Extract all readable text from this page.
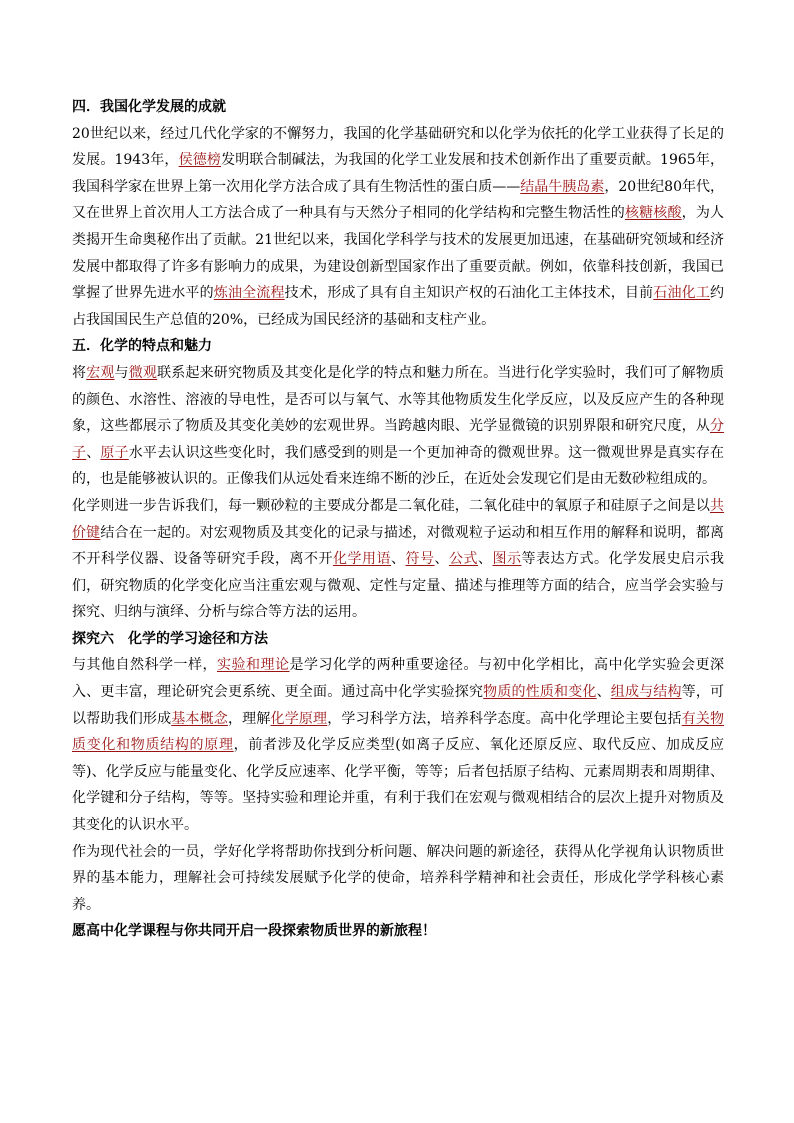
四．我国化学发展的成就

20世纪以来，经过几代化学家的不懈努力，我国的化学基础研究和以化学为依托的化学工业获得了长足的发展。1943年，侯德榜发明联合制碱法，为我国的化学工业发展和技术创新作出了重要贡献。1965年，我国科学家在世界上第一次用化学方法合成了具有生物活性的蛋白质——结晶牛胰岛素，20世纪80年代，又在世界上首次用人工方法合成了一种具有与天然分子相同的化学结构和完整生物活性的核糖核酸，为人类揭开生命奥秘作出了贡献。21世纪以来，我国化学科学与技术的发展更加迅速，在基础研究领域和经济发展中都取得了许多有影响力的成果，为建设创新型国家作出了重要贡献。例如，依靠科技创新，我国已掌握了世界先进水平的炼油全流程技术，形成了具有自主知识产权的石油化工主体技术，目前石油化工约占我国国民生产总值的20%，已经成为国民经济的基础和支柱产业。

五．化学的特点和魅力

将宏观与微观联系起来研究物质及其变化是化学的特点和魅力所在。当进行化学实验时，我们可了解物质的颜色、水溶性、溶液的导电性，是否可以与氧气、水等其他物质发生化学反应，以及反应产生的各种现象，这些都展示了物质及其变化美妙的宏观世界。当跨越肉眼、光学显微镜的识别界限和研究尺度，从分子、原子水平去认识这些变化时，我们感受到的则是一个更加神奇的微观世界。这一微观世界是真实存在的，也是能够被认识的。正像我们从远处看来连绵不断的沙丘，在近处会发现它们是由无数砂粒组成的。

化学则进一步告诉我们，每一颗砂粒的主要成分都是二氧化硅，二氧化硅中的氧原子和硅原子之间是以共价键结合在一起的。对宏观物质及其变化的记录与描述，对微观粒子运动和相互作用的解释和说明，都离不开科学仪器、设备等研究手段，离不开化学用语、符号、公式、图示等表达方式。化学发展史启示我们，研究物质的化学变化应当注重宏观与微观、定性与定量、描述与推理等方面的结合，应当学会实验与探究、归纳与演绎、分析与综合等方法的运用。

探究六　化学的学习途径和方法

与其他自然科学一样，实验和理论是学习化学的两种重要途径。与初中化学相比，高中化学实验会更深入、更丰富，理论研究会更系统、更全面。通过高中化学实验探究物质的性质和变化、组成与结构等，可以帮助我们形成基本概念，理解化学原理，学习科学方法，培养科学态度。高中化学理论主要包括有关物质变化和物质结构的原理，前者涉及化学反应类型(如离子反应、氧化还原反应、取代反应、加成反应等)、化学反应与能量变化、化学反应速率、化学平衡，等等；后者包括原子结构、元素周期表和周期律、化学键和分子结构，等等。坚持实验和理论并重，有利于我们在宏观与微观相结合的层次上提升对物质及其变化的认识水平。

作为现代社会的一员，学好化学将帮助你找到分析问题、解决问题的新途径，获得从化学视角认识物质世界的基本能力，理解社会可持续发展赋予化学的使命，培养科学精神和社会责任，形成化学学科核心素养。

愿高中化学课程与你共同开启一段探索物质世界的新旅程！
